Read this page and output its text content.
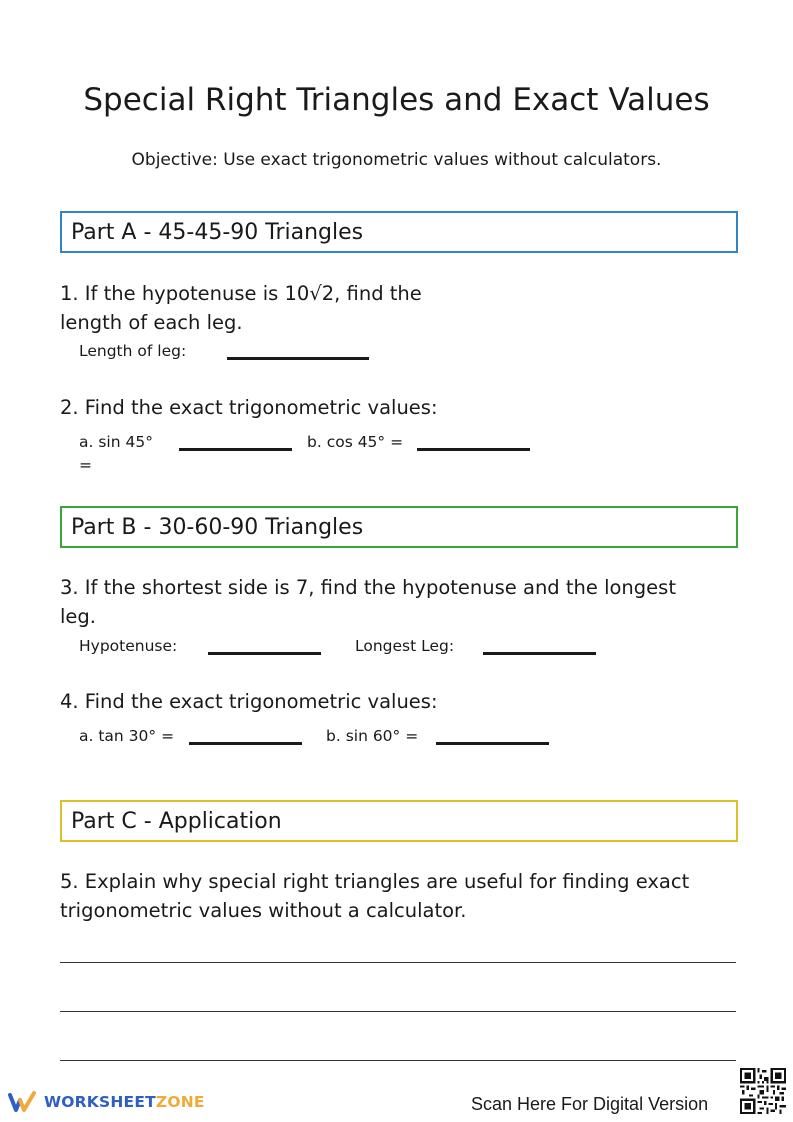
Special Right Triangles and Exact Values
Objective: Use exact trigonometric values without calculators.
Part A - 45-45-90 Triangles
1. If the hypotenuse is 10√2, find the
length of each leg.
Length of leg:
2. Find the exact trigonometric values:
a. sin 45°
=
b. cos 45° =
Part B - 30-60-90 Triangles
3. If the shortest side is 7, find the hypotenuse and the longest
leg.
Hypotenuse:	Longest Leg:
4. Find the exact trigonometric values:
a. tan 30° =	b. sin 60° =
Part C - Application
5. Explain why special right triangles are useful for finding exact
trigonometric values without a calculator.
WORKSHEETZONE	Scan Here For Digital Version
